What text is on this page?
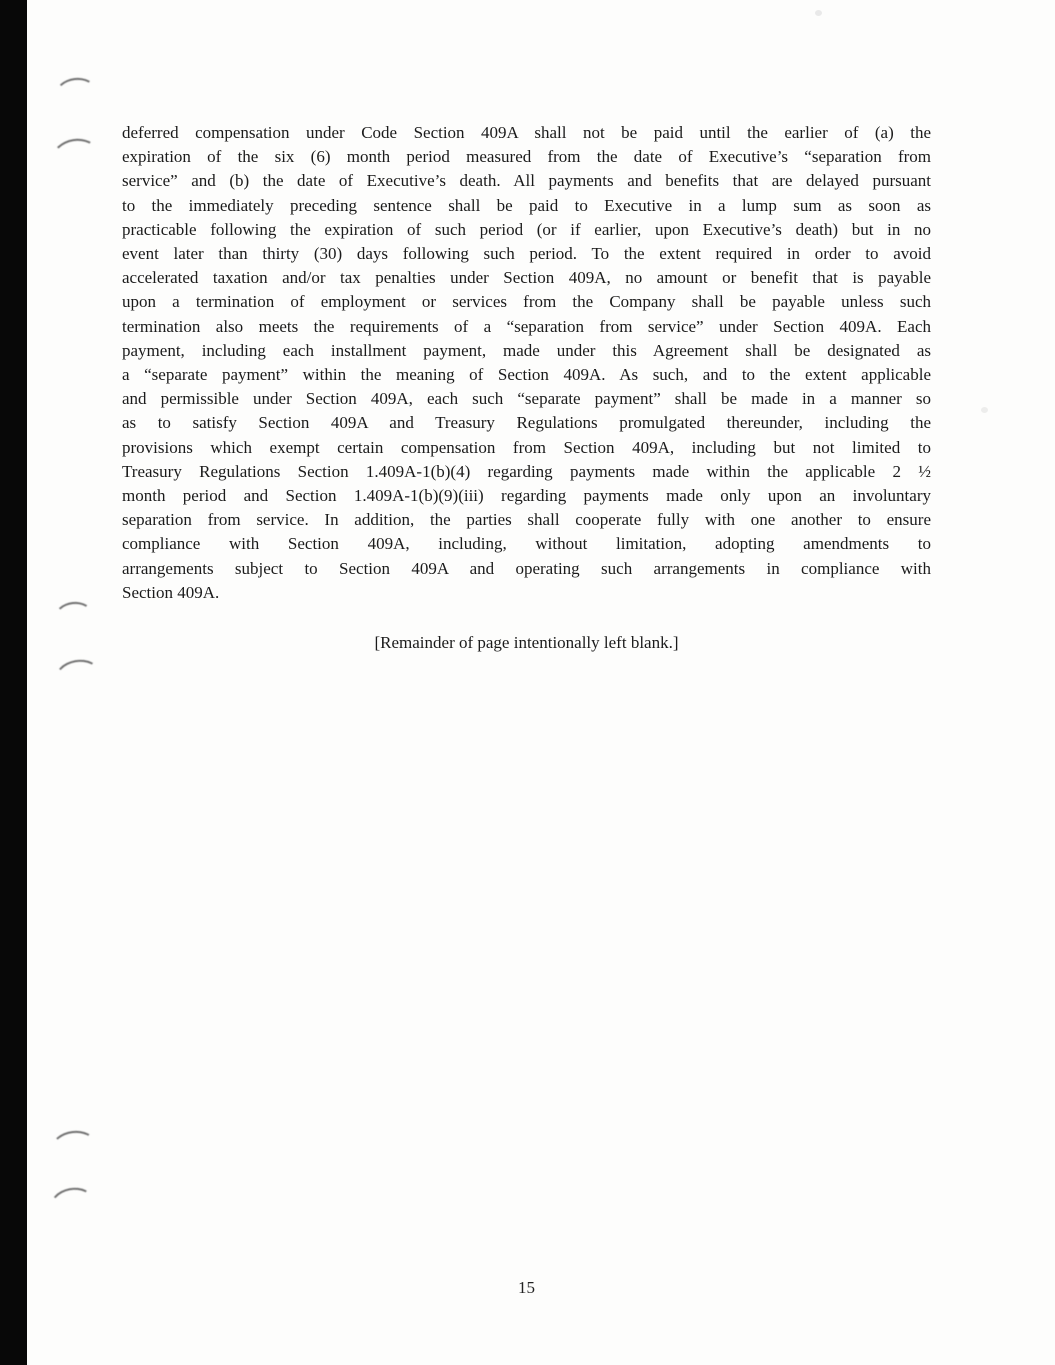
deferred compensation under Code Section 409A shall not be paid until the earlier of (a) the
expiration of the six (6) month period measured from the date of Executive’s “separation from
service” and (b) the date of Executive’s death. All payments and benefits that are delayed pursuant
to the immediately preceding sentence shall be paid to Executive in a lump sum as soon as
practicable following the expiration of such period (or if earlier, upon Executive’s death) but in no
event later than thirty (30) days following such period. To the extent required in order to avoid
accelerated taxation and/or tax penalties under Section 409A, no amount or benefit that is payable
upon a termination of employment or services from the Company shall be payable unless such
termination also meets the requirements of a “separation from service” under Section 409A. Each
payment, including each installment payment, made under this Agreement shall be designated as
a “separate payment” within the meaning of Section 409A. As such, and to the extent applicable
and permissible under Section 409A, each such “separate payment” shall be made in a manner so
as to satisfy Section 409A and Treasury Regulations promulgated thereunder, including the
provisions which exempt certain compensation from Section 409A, including but not limited to
Treasury Regulations Section 1.409A-1(b)(4) regarding payments made within the applicable 2 ½
month period and Section 1.409A-1(b)(9)(iii) regarding payments made only upon an involuntary
separation from service. In addition, the parties shall cooperate fully with one another to ensure
compliance with Section 409A, including, without limitation, adopting amendments to
arrangements subject to Section 409A and operating such arrangements in compliance with
Section 409A.
[Remainder of page intentionally left blank.]
15
